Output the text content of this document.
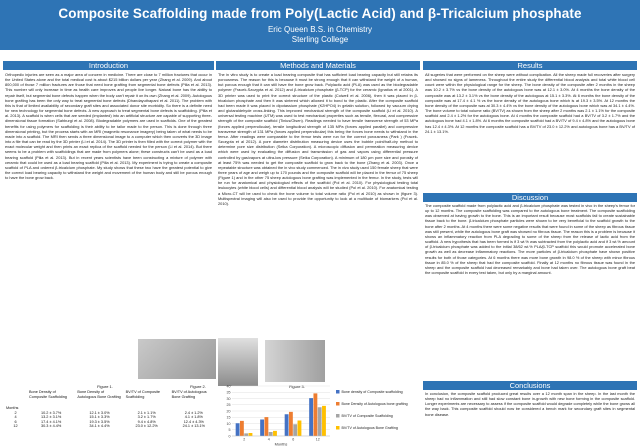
Composite Scaffolding made from Poly(Lactic Acid) and β-Tricalcium phosphate
Eric Queen B.S. in Chemistry
Sterling College
Introduction

Orthopedic injuries are seen as a major area of concern in medicine. There are close to 7 million fractures that occur in the United States alone and the total medical cost is about $215 billion dollars per year (Zhang et al. 2009). And about 800,000 of those 7 million fractures are those that need bone grafting from segmental bone defects (Pilia et al. 2013). This number will only increase in time as health care improves and people live longer. Natural bone has the ability to repair itself, but segmental bone defects happen when the body can't repair it on its own (Zhang et al. 2009). Autologous bone grafting has been the only way to treat segmental bone defects (Dhandayuthapani et al. 2011). The problem with this is that of limited availability of secondary graft sites and associated donor site morbidity. So there is a definite need for new technology for segmental bone defects. A new approach to treat segmental bone defects is scaffolding. (Pilia et al. 2013). A scaffold is when cells that are seeded (implanted) into an artificial structure are capable of supporting three-dimensional tissue formation (Sahburgi et al. 2008). Biodegradable polymers are used in scaffolds. One of the greatest benefits for using polymers for scaffolding is their ability to be tailor made to the person. This is done through three dimensional printing, but the process starts with an MRI (magnetic resonance imagery) being taken of what needs to be made into a scaffold. The MRI then sends a three dimensional image to a computer which then converts the 3D image into a file that can be read by the 3D printer (Li et al. 2014). The 3D printer is then filled with the correct polymer with the exact molecular weight and then prints an exact replica of the scaffold needed for the person (Li et al. 2014). But there seems to be a problem with scaffoldings that are made from polymers alone; these constructs can't be used as a load bearing scaffold (Pilia et al. 2013). But in recent years scientists have been constructing a mixture of polymer with ceramic that could be used as a load bearing scaffold (Pilia et al. 2013). My experiment is trying to create a composite scaffold of PLA and ordered β-tricalcium phosphate. My study shows that these two have the greatest potential to give the correct load bearing capacity to withstand the weight and movement of the human body and still be porous enough to have the bone grow back.

Methods and Materials

The in vitro study is to create a load bearing composite that has sufficient load bearing capacity but still retains its porousness. The reason for this is because it must be strong enough that it can withstand the weight of a human, but porous enough that it can still have the bone grow back. Polylactic acid (PLA) was used as the biodegradable polymer (Fracek-Szczypta et al. 2012) and β-tricalcium phosphate (β-TCP) for the ceramic (Ignatius et al 2001). A 3D printer was used to print the correct structure of the plastic (Colwell et al. 2006), then it was placed in β-tricalcium phosphate and then it was sintered which allowed it to bond to the plastic. After the composite scaffold had been made it was placed in dipotassium phosphate (K2HPO4) in gelatin solution, followed by vacuum drying and glutaraldehyde cross-linking. This improved mechanical strength of the composite scaffold (Li et al. 2010). A universal testing machine (UTM) was used to test mechanical properties such as tensile, flexural, and compressive strength of the composite scaffold (Tinius/Olsen). Readings needed to have tensile transverse strength of 53 MPa (forces applied perpendicular), tensile longitudinal strength of 135 MPa (forces applied parallel) and compressive transverse strength of 131 MPa (forces applied perpendicular) this being the forces bone needs to withstand in the femur. After readings were comparable to the femur tests were run for the correct porousness (Park ) (Fracek-Szczypta et al 2012). A pore diameter distribution measuring device uses the bubble point/half-dry method to determine pore size distribution (Seika Corporation). A microscopic diffusion and permeation measuring device which were used by evaluating the diffusion and transmission of gas and vapors using differential pressure controlled by gas/vapors at ultra-low pressure (Seika Corporation). A minimum of 180 μm pore size and porosity of at least 75% was needed to get the composite scaffold to grow back to the bone (Zhang et al. 2003). Once a repeatable structure was obtained the in vivo study commenced. The in vivo study used 150 female sheep that were three years of age and weigh up to 170 pounds and the composite scaffold will be placed in the femur of 75 sheep (Figure 1) and in the other 75 sheep autologous bone grafting was implemented in the femur. In the study, tests will be run for anatomical and physiological effects of the scaffold (Pol et al. 2010). For physiological testing total leukocytes (white blood cells) and differential blood analysis will be studied (Pol et al. 2010). For anatomical testing a Micro-CT will be used to check the bone volume to total volume ratio (Pol et al 2010) as shown in (figure 3). Multispectral imaging will also be used to provide the opportunity to look at a multitude of biomarkers (Pol et al. 2010).

Results

All sugeries that were performed on the sheep were without complication. All the sheep made full recoveries after surgery and showed no signs of lameness. Throughout the entire study the differential blood analysis and total white blood cell count were within the physiological range for the sheep. The bone density of the composite after 2 months in the sheep was 10.2 ± 3.7% vs the bone density of the autologous bone was at 12.1 ± 3.0%. At 4 months the bone density of the composite was at 13.2 ± 3.1% vs the bone density of the autologous at 15.1 ± 3.3%. At 6 months the bone density of the composite was at 17.4 ± 4.1 % vs the bone density of the autologous bone which is at 19.3 ± 3.5%. At 12 months the bone density of the composite was at 30.3 ± 4.4% vs the bone density of the autologous bone which was at 34.1 ± 4.4%. The bone volume to total volume ratio (BV/TV) as shown from the sheep after 2 months was 2.1 ± 1.1% for the composite scaffold and 2.4 ± 1.2% for the autologous bone. At 4 months the composite scaffold had a BV/TV of 3.2 ± 1.7% and the autologous bone had 4.1 ± 1.8%. At 6 months the composite scaffold had a BV/TV of 9.4 ± 4.8% and the autologous bone has 12.4 ± 4.3%. At 12 months the composite scaffold has a BV/TV of 23.0 ± 12.2% and autologous bone has a BV/TV of 24.1 ± 13.1%.

Discussion

The composite scaffold made from polylactic acid and β-tricalcium phosphate was tested in vivo in the sheep's femur for up to 12 months. The composite scaffolding was compared to the autologous bone treatment. The composite scaffolding was observed at having growth to the bone. This is an important result because most scaffolds fail to create sustainable tissue back to the bone. β-tricalcium phosphate particles were shown to be very beneficial to the scaffold growth to the bone after 2 months. At 4 months there were some negative results that were found in some of the sheep as fibrous tissue was still present, while the autologous bone graft was showed no fibrous tissue. The reason this is a problem is because it shows an inflammatory reaction from PLA degrading to some of the sheep from the release of lactic acid from the scaffold. A new hypothesis that has been formed is if 3 wt.% was subtracted from the polylactic acid and if 3 wt.% amount of β-tricalcium phosphate was added to the initial 38/62 wt.% PLA/β-TCP scaffold this would promote accelerated bone growth as well as decrease inflammatory reactions. The more particles of β-tricalcium phosphate have shown positive results for both of those categories. At 6 months there was more bone growth in 98.0 % of the sheep with minor fibrous tissue in 85.0 % of the sheep that had the composite scaffold. Finally at 12 months no fibrous tissue was found in the sheep and the composite scaffold had decreased remarkably and bone had taken over. The autologous bone graft beat the composite scaffold in every test taken, but only by a marginal amount.

Conclusions

In conclusion, the composite scaffold produced great results over a 12 month span in the sheep. In the last month the sheep had no inflammation and still had slow constant bone in-growth with new bone forming in the composite scaffold. Longer experiments are necessary to assess if the composite scaffold would degrade completely while the bone grows all the way back. This composite scaffold should now be considered a bench mark for secondary graft sites in segmental bone disease.

Figure 1.	Figure 2.	Figure 3.
Months	Bone Density of Composite Scaffolding	Bone Density of Autologous Bone Grafting	BV/TV of Composite Scaffolding	BV/TV of Autologous Bone Grafting
2	10.2 ± 3.7%	12.1 ± 3.0%	2.1 ± 1.1%	2.4 ± 1.2%
4	13.2 ± 3.1%	15.1 ± 3.3%	3.2 ± 1.7%	4.1 ± 1.8%
6	17.4 ± 4.1%	19.3 ± 3.5%	9.4 ± 4.8%	12.4 ± 4.3%
12	30.3 ± 4.4%	34.1 ± 4.4%	23.0 ± 12.2%	24.1 ± 13.1%
0
5
10
15
20
25
30
35
40
2	4	6	12
Months
Bone density of Composite scaffolding
Bone Density of Autologous bone grafting
BV/TV of Composite Scaffolding
BV/TV of Autologous Bone Grafting
